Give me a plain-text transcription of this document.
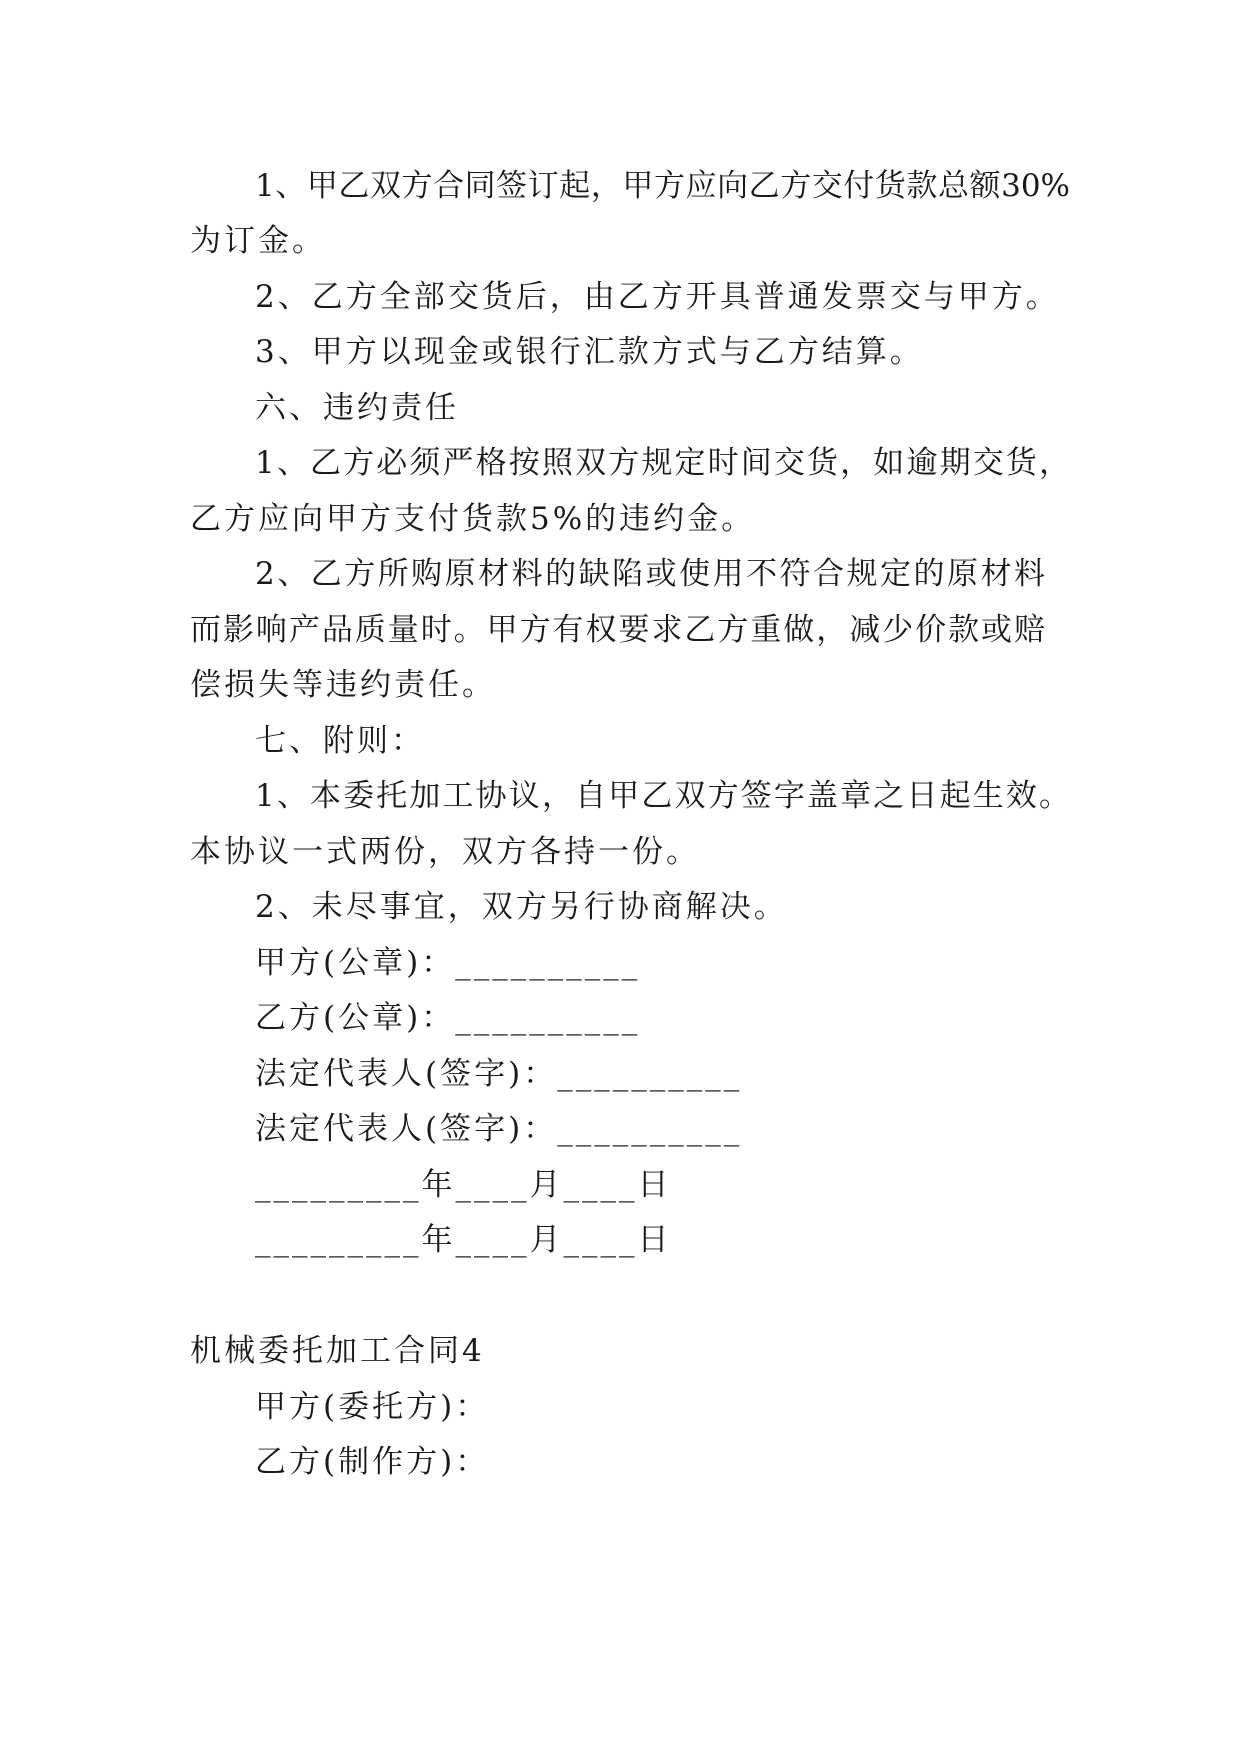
1、甲乙双方合同签订起，甲方应向乙方交付货款总额30%
为订金。
2、乙方全部交货后，由乙方开具普通发票交与甲方。
3、甲方以现金或银行汇款方式与乙方结算。
六、违约责任
1、乙方必须严格按照双方规定时间交货，如逾期交货，
乙方应向甲方支付货款5%的违约金。
2、乙方所购原材料的缺陷或使用不符合规定的原材料
而影响产品质量时。甲方有权要求乙方重做，减少价款或赔
偿损失等违约责任。
七、附则：
1、本委托加工协议，自甲乙双方签字盖章之日起生效。
本协议一式两份，双方各持一份。
2、未尽事宜，双方另行协商解决。
甲方(公章)：__________
乙方(公章)：__________
法定代表人(签字)：__________
法定代表人(签字)：__________
_________年____月____日
_________年____月____日
机械委托加工合同4
甲方(委托方)：
乙方(制作方)：
